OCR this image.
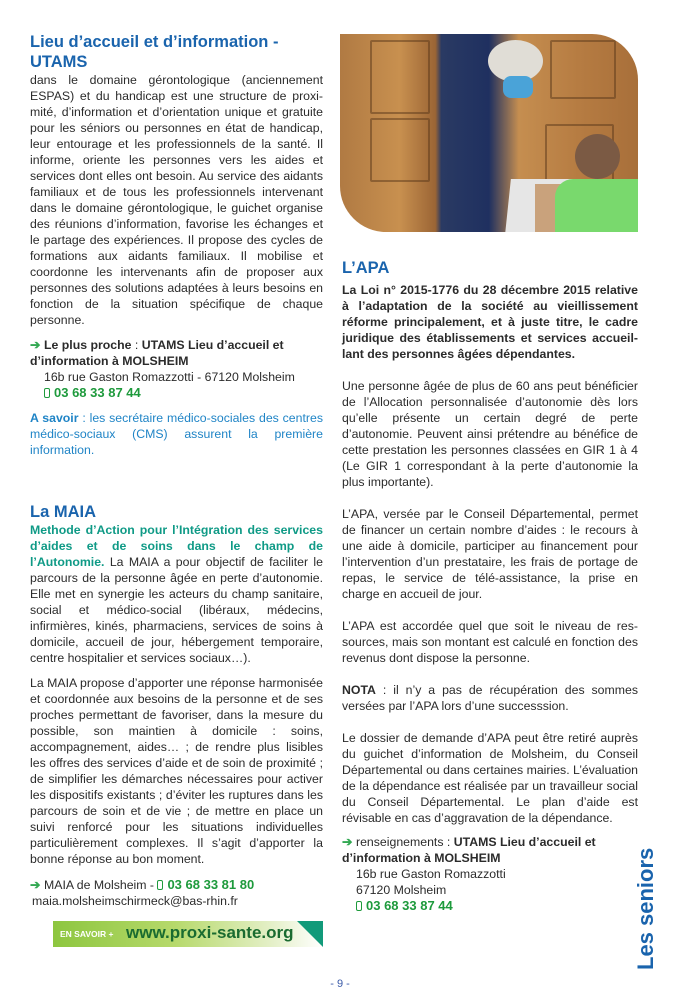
Lieu d’accueil et d’information - UTAMS

dans le domaine gérontologique (anciennement ESPAS) et du handicap est une structure de proximité, d’information et d’orientation unique et gratuite pour les séniors ou personnes en état de handicap, leur entourage et les professionnels de la santé. Il informe, oriente les personnes vers les aides et services dont elles ont besoin. Au service des aidants familiaux et de tous les professionnels intervenant dans le domaine gérontologique, le guichet organise des réunions d’information, favorise les échanges et le partage des expériences. Il propose des cycles de formations aux aidants familiaux. Il mobilise et coordonne les intervenants afin de proposer aux personnes des solutions adaptées à leurs besoins en fonction de la situation spécifique de chaque personne.

➔ Le plus proche : UTAMS Lieu d’accueil et d’information à MOLSHEIM
16b rue Gaston Romazzotti - 67120 Molsheim
03 68 33 87 44

A savoir : les secrétaire médico-sociales des centres médico-sociaux (CMS) assurent la première information.

La MAIA

Methode d’Action pour l’Intégration des services d’aides et de soins dans le champ de l’Autonomie. La MAIA a pour objectif de faciliter le parcours de la personne âgée en perte d’autonomie. Elle met en synergie les acteurs du champ sanitaire, social et médico-social (libéraux, médecins, infirmières, kinés, pharmaciens, services de soins à domicile, accueil de jour, hébergement temporaire, centre hospitalier et services sociaux…).

La MAIA propose d’apporter une réponse harmonisée et coordonnée aux besoins de la personne et de ses proches permettant de favoriser, dans la mesure du possible, son maintien à domicile : soins, accompagnement, aides… ; de rendre plus lisibles les offres des services d’aide et de soin de proximité ; de simplifier les démarches nécessaires pour activer les dispositifs existants ; d’éviter les ruptures dans les parcours de soin et de vie ; de mettre en place un suivi renforcé pour les situations individuelles particulièrement complexes. Il s’agit d’apporter la bonne réponse au bon moment.

➔ MAIA de Molsheim - 03 68 33 81 80
maia.molsheimschirmeck@bas-rhin.fr
EN SAVOIR + www.proxi-sante.org
L’APA

La Loi n° 2015-1776 du 28 décembre 2015 relative à l’adaptation de la société au vieillissement réforme principalement, et à juste titre, le cadre juridique des établissements et services accueillant des personnes âgées dépendantes.

Une personne âgée de plus de 60 ans peut bénéficier de l’Allocation personnalisée d’autonomie dès lors qu’elle présente un certain degré de perte d’autonomie. Peuvent ainsi prétendre au bénéfice de cette prestation les personnes classées en GIR 1 à 4 (Le GIR 1 correspondant à la perte d’autonomie la plus importante).

L’APA, versée par le Conseil Départemental, permet de financer un certain nombre d’aides : le recours à une aide à domicile, participer au financement pour l’intervention d’un prestataire, les frais de portage de repas, le service de télé-assistance, la prise en charge en accueil de jour.

L’APA est accordée quel que soit le niveau de ressources, mais son montant est calculé en fonction des revenus dont dispose la personne.

NOTA : il n’y a pas de récupération des sommes versées par l’APA lors d’une successsion.

Le dossier de demande d’APA peut être retiré auprès du guichet d’information de Molsheim, du Conseil Départemental ou dans certaines mairies. L’évaluation de la dépendance est réalisée par un travailleur social du Conseil Départemental. Le plan d’aide est révisable en cas d’aggravation de la dépendance.

➔ renseignements : UTAMS Lieu d’accueil et d’information à MOLSHEIM
16b rue Gaston Romazzotti
67120 Molsheim
03 68 33 87 44	Les seniors
- 9 -
